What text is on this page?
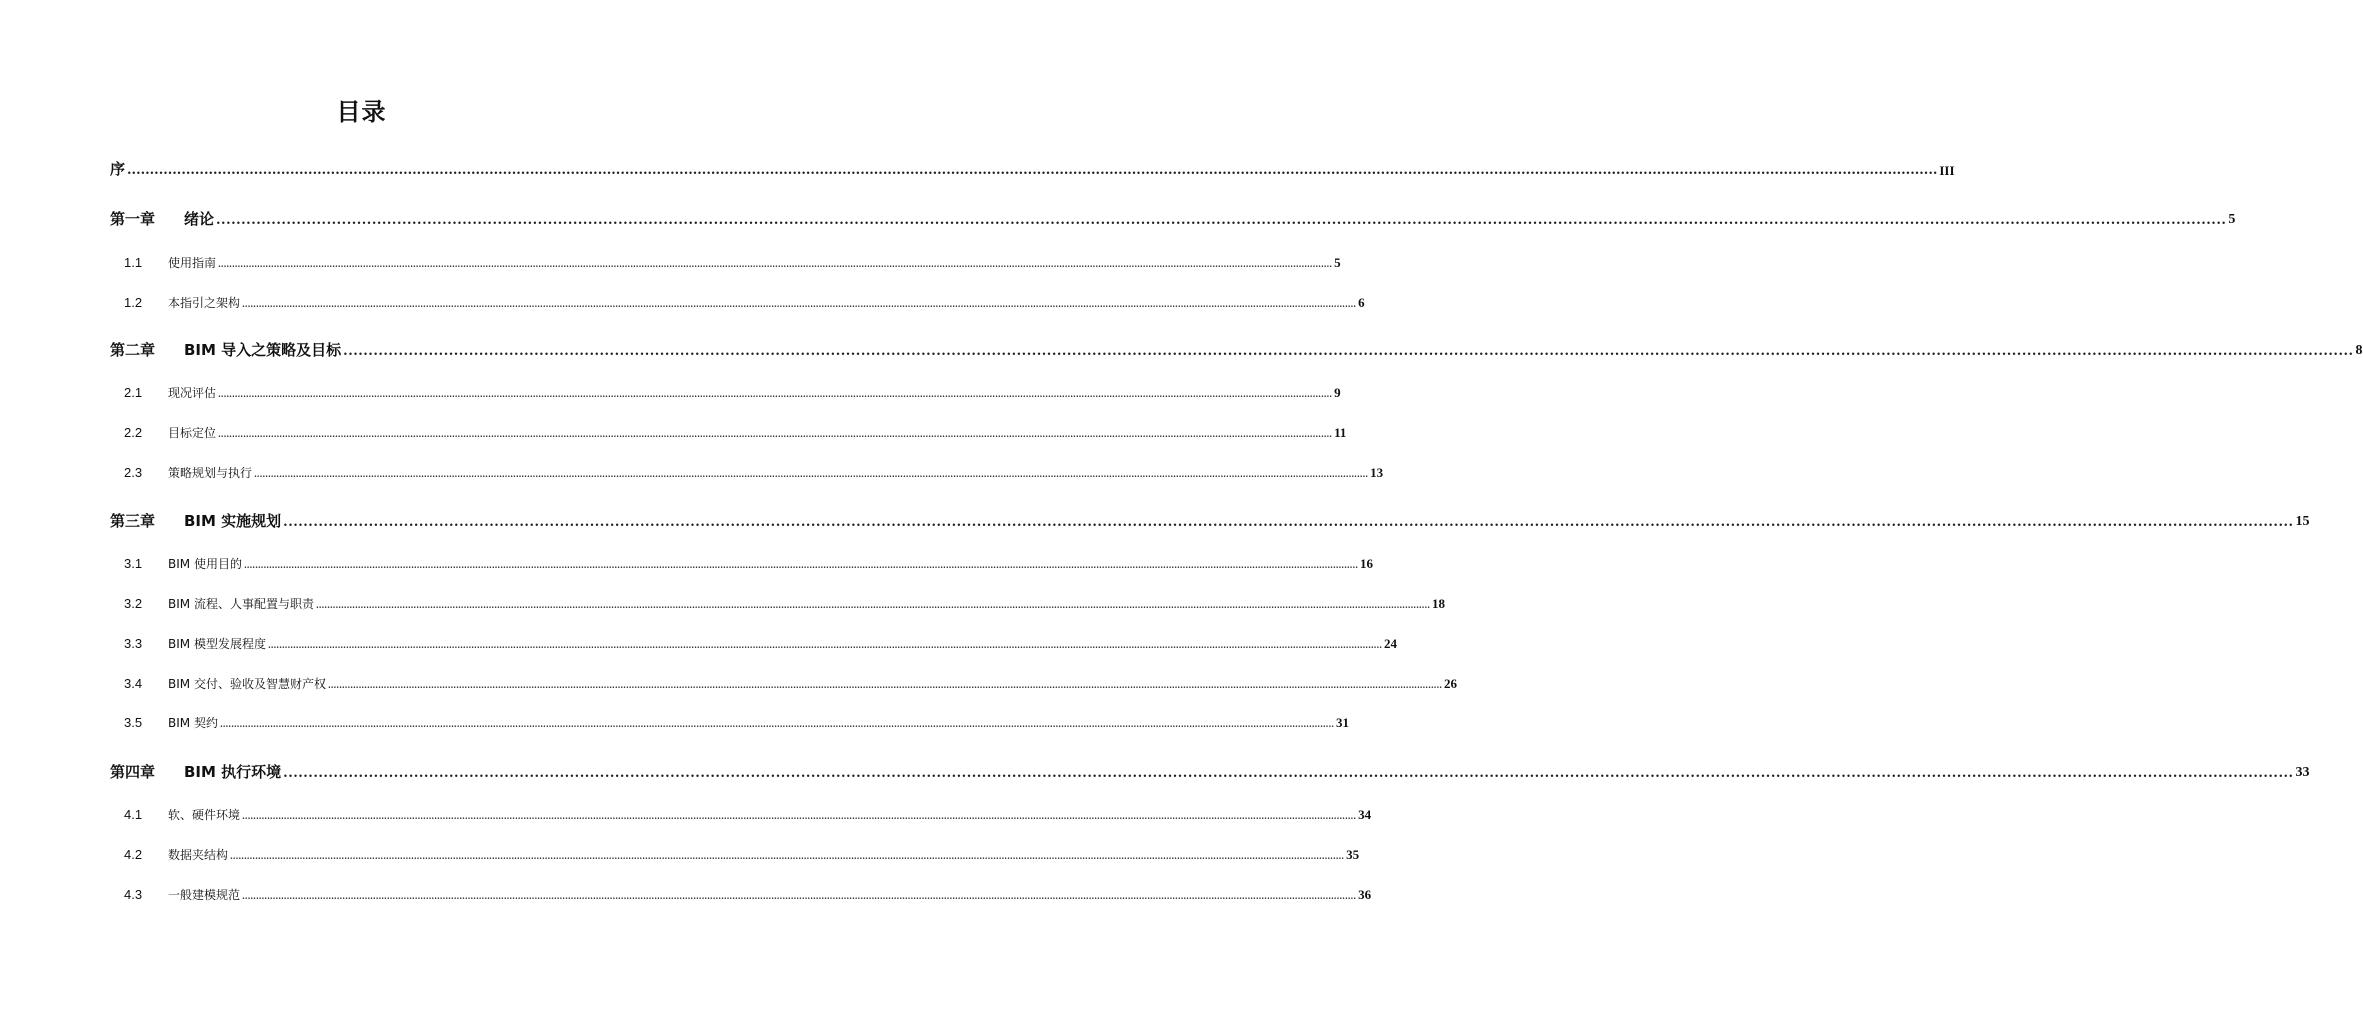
目录
序 ................................................................................................................................................................................................................................................................................................................................................................................................................ III
第一章	绪论 ................................................................................................................................................................................................................................................................................................................................................................................................................ 5
1.1	使用指南 ................................................................................................................................................................................................................................................................................................................................................................................................................ 5
1.2	本指引之架构 ................................................................................................................................................................................................................................................................................................................................................................................................................ 6
第二章	BIM 导入之策略及目标 ................................................................................................................................................................................................................................................................................................................................................................................................................ 8
2.1	现况评估 ................................................................................................................................................................................................................................................................................................................................................................................................................ 9
2.2	目标定位 ................................................................................................................................................................................................................................................................................................................................................................................................................ 11
2.3	策略规划与执行 ................................................................................................................................................................................................................................................................................................................................................................................................................ 13
第三章	BIM 实施规划 ................................................................................................................................................................................................................................................................................................................................................................................................................ 15
3.1	BIM 使用目的 ................................................................................................................................................................................................................................................................................................................................................................................................................ 16
3.2	BIM 流程、人事配置与职责 ................................................................................................................................................................................................................................................................................................................................................................................................................ 18
3.3	BIM 模型发展程度 ................................................................................................................................................................................................................................................................................................................................................................................................................ 24
3.4	BIM 交付、验收及智慧财产权 ................................................................................................................................................................................................................................................................................................................................................................................................................ 26
3.5	BIM 契约 ................................................................................................................................................................................................................................................................................................................................................................................................................ 31
第四章	BIM 执行环境 ................................................................................................................................................................................................................................................................................................................................................................................................................ 33
4.1	软、硬件环境 ................................................................................................................................................................................................................................................................................................................................................................................................................ 34
4.2	数据夹结构 ................................................................................................................................................................................................................................................................................................................................................................................................................ 35
4.3	一般建模规范 ................................................................................................................................................................................................................................................................................................................................................................................................................ 36
